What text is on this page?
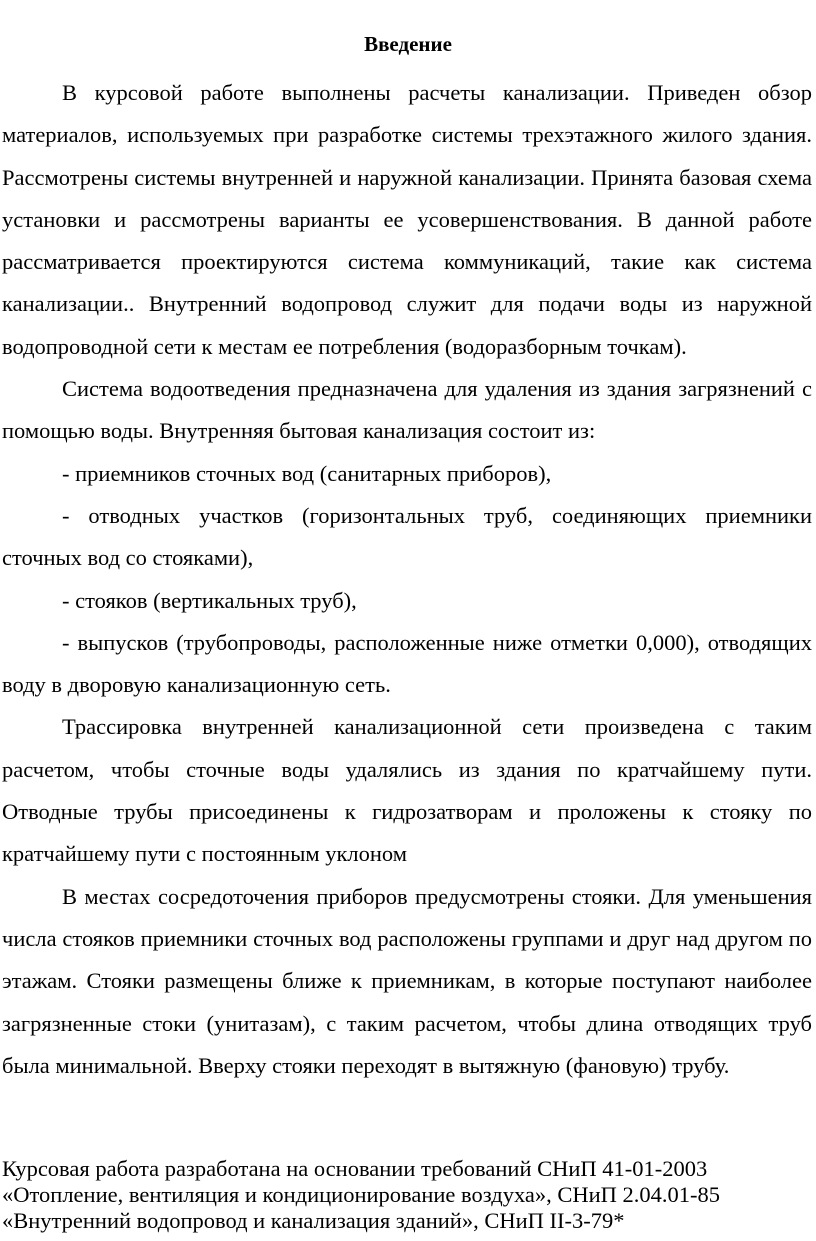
Введение

В курсовой работе выполнены расчеты канализации. Приведен обзор материалов, используемых при разработке системы трехэтажного жилого здания. Рассмотрены системы внутренней и наружной канализации. Принята базовая схема установки и рассмотрены варианты ее усовершенствования. В данной работе рассматривается проектируются система коммуникаций, такие как система канализации.. Внутренний водопровод служит для подачи воды из наружной водопроводной сети к местам ее потребления (водоразборным точкам).

Система водоотведения предназначена для удаления из здания загрязнений с помощью воды. Внутренняя бытовая канализация состоит из:

- приемников сточных вод (санитарных приборов),

- отводных участков (горизонтальных труб, соединяющих приемники сточных вод со стояками),

- стояков (вертикальных труб),

- выпусков (трубопроводы, расположенные ниже отметки 0,000), отводящих воду в дворовую канализационную сеть.

Трассировка внутренней канализационной сети произведена с таким расчетом, чтобы сточные воды удалялись из здания по кратчайшему пути. Отводные трубы присоединены к гидрозатворам и проложены к стояку по кратчайшему пути с постоянным уклоном

В местах сосредоточения приборов предусмотрены стояки. Для уменьшения числа стояков приемники сточных вод расположены группами и друг над другом по этажам. Стояки размещены ближе к приемникам, в которые поступают наиболее загрязненные стоки (унитазам), с таким расчетом, чтобы длина отводящих труб была минимальной. Вверху стояки переходят в вытяжную (фановую) трубу.

Курсовая работа разработана на основании требований СНиП 41-01-2003
«Отопление, вентиляция и кондиционирование воздуха», СНиП 2.04.01-85
«Внутренний водопровод и канализация зданий», СНиП II-3-79*
